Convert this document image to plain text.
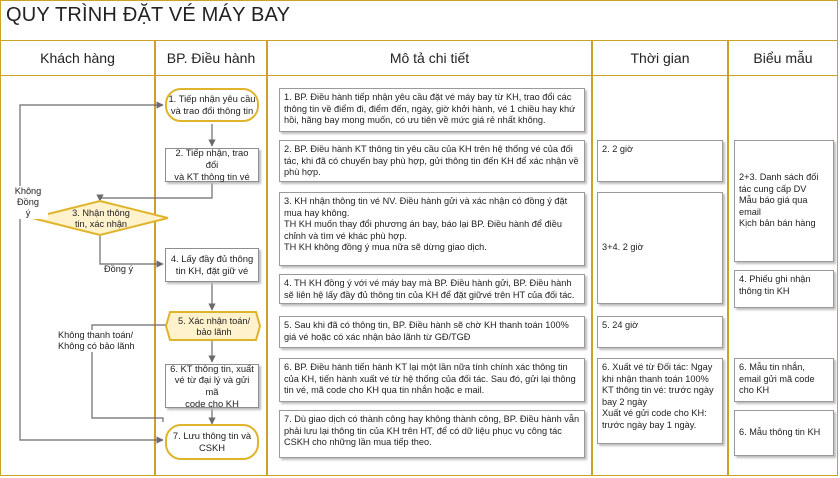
QUY TRÌNH ĐẶT VÉ MÁY BAY
Khách hàng	BP. Điều hành	Mô tả chi tiết	Thời gian	Biểu mẫu
1. Tiếp nhận yêu cầu
và trao đổi thông tin
2. Tiếp nhận, trao đổi
và KT thông tin vé
3. Nhận thông
tin, xác nhận
4. Lấy đầy đủ thông
tin KH, đặt giữ vé
5. Xác nhận toán/
bảo lãnh
6. KT thông tin, xuất
vé từ đại lý và gửi mã
code cho KH
7. Lưu thông tin và
CSKH
Không
Đồng
ý
Đồng ý
Không thanh toán/
Không có bảo lãnh
1. BP. Điều hành tiếp nhận yêu cầu đặt vé máy bay từ KH, trao đổi các thông tin về điểm đi, điểm đến, ngày, giờ khởi hành, vé 1 chiều hay khứ hồi, hãng bay mong muốn, có ưu tiên về mức giá rẻ nhất không.
2. BP. Điều hành KT thông tin yêu cầu của KH trên hệ thống vé của đối tác, khi đã có chuyến bay phù hợp, gửi thông tin đến KH để xác nhận về phù hợp.
3. KH nhận thông tin vé NV. Điều hành gửi và xác nhận có đồng ý đặt mua hay không.
TH KH muốn thay đổi phương án bay, báo lại BP. Điều hành để điều chỉnh và tìm vé khác phù hợp.
TH KH không đồng ý mua nữa sẽ dừng giao dịch.
4. TH KH đồng ý với vé máy bay mà BP. Điều hành gửi, BP. Điều hành sẽ liên hệ lấy đầy đủ thông tin của KH để đặt giữvé trên HT của đối tác.
5. Sau khi đã có thông tin, BP. Điều hành sẽ chờ KH thanh toán 100% giá vé hoặc có xác nhận bảo lãnh từ GĐ/TGĐ
6. BP. Điều hành tiến hành KT lại một lần nữa tính chính xác thông tin của KH, tiến hành xuất vé từ hệ thống của đối tác. Sau đó, gửi lại thông tin vé, mã code cho KH qua tin nhắn hoặc e mail.
7. Dù giao dịch có thành công hay không thành công, BP. Điều hành vẫn phải lưu lại thông tin của KH trên HT, để có dữ liệu phục vụ công tác CSKH cho những lần mua tiếp theo.
2. 2 giờ
3+4. 2 giờ
5. 24 giờ
6. Xuất vé từ Đối tác: Ngay khi nhận thanh toán 100%
KT thông tin vé: trước ngày bay 2 ngày
Xuất vé gửi code cho KH: trước ngày bay 1 ngày.
2+3. Danh sách đối tác cung cấp DV
Mẫu báo giá qua email
Kịch bản bán hàng
4. Phiếu ghi nhận thông tin KH
6. Mẫu tin nhắn, email gửi mã code cho KH
6. Mẫu thông tin KH
